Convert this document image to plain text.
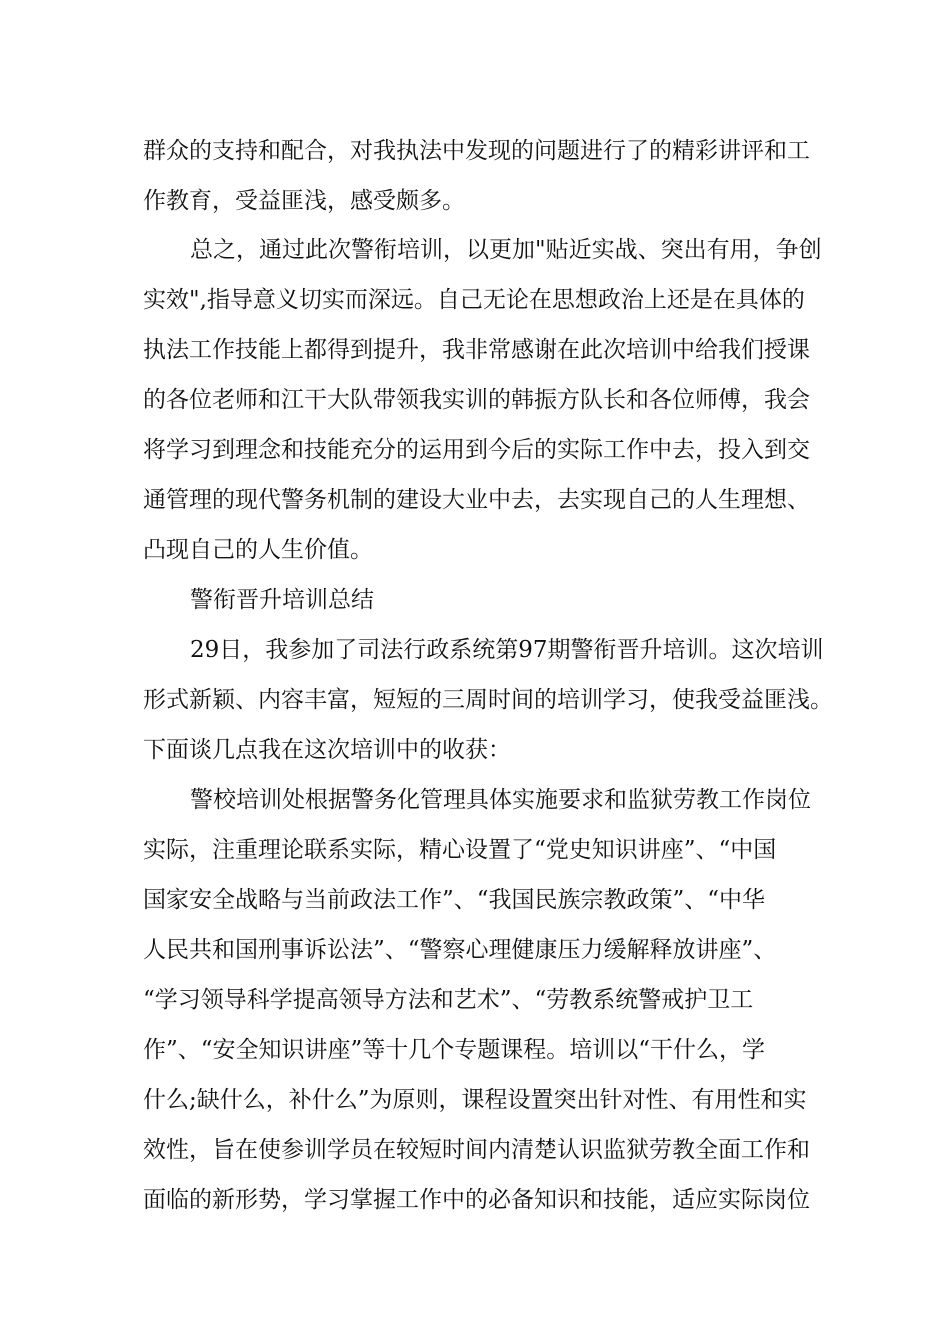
群众的支持和配合，对我执法中发现的问题进行了的精彩讲评和工
作教育，受益匪浅，感受颇多。
总之，通过此次警衔培训，以更加"贴近实战、突出有用，争创
实效",指导意义切实而深远。自己无论在思想政治上还是在具体的
执法工作技能上都得到提升，我非常感谢在此次培训中给我们授课
的各位老师和江干大队带领我实训的韩振方队长和各位师傅，我会
将学习到理念和技能充分的运用到今后的实际工作中去，投入到交
通管理的现代警务机制的建设大业中去，去实现自己的人生理想、
凸现自己的人生价值。
警衔晋升培训总结
29日，我参加了司法行政系统第97期警衔晋升培训。这次培训
形式新颖、内容丰富，短短的三周时间的培训学习，使我受益匪浅。
下面谈几点我在这次培训中的收获：
警校培训处根据警务化管理具体实施要求和监狱劳教工作岗位
实际，注重理论联系实际，精心设置了“党史知识讲座”、“中国
国家安全战略与当前政法工作”、“我国民族宗教政策”、“中华
人民共和国刑事诉讼法”、“警察心理健康压力缓解释放讲座”、
“学习领导科学提高领导方法和艺术”、“劳教系统警戒护卫工
作”、“安全知识讲座”等十几个专题课程。培训以“干什么，学
什么;缺什么，补什么”为原则，课程设置突出针对性、有用性和实
效性，旨在使参训学员在较短时间内清楚认识监狱劳教全面工作和
面临的新形势，学习掌握工作中的必备知识和技能，适应实际岗位
